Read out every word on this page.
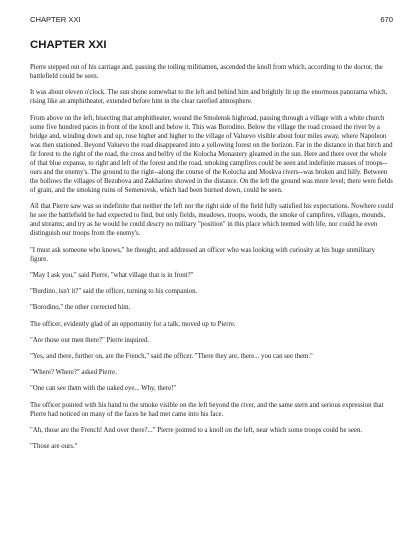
CHAPTER XXI	670
CHAPTER XXI

Pierre stepped out of his carriage and, passing the toiling militiamen, ascended the knoll from which, according to the doctor, the battlefield could be seen.

It was about eleven o'clock. The sun shone somewhat to the left and behind him and brightly lit up the enormous panorama which, rising like an amphitheater, extended before him in the clear rarefied atmosphere.

From above on the left, bisecting that amphitheater, wound the Smolensk highroad, passing through a village with a white church some five hundred paces in front of the knoll and below it. This was Borodino. Below the village the road crossed the river by a bridge and, winding down and up, rose higher and higher to the village of Valuevo visible about four miles away, where Napoleon was then stationed. Beyond Valuevo the road disappeared into a yellowing forest on the horizon. Far in the distance in that birch and fir forest to the right of the road, the cross and belfry of the Kolocha Monastery gleamed in the sun. Here and there over the whole of that blue expanse, to right and left of the forest and the road, smoking campfires could be seen and indefinite masses of troops--ours and the enemy's. The ground to the right--along the course of the Kolocha and Moskva rivers--was broken and hilly. Between the hollows the villages of Bezubova and Zakharino showed in the distance. On the left the ground was more level; there were fields of grain, and the smoking ruins of Semenovsk, which had been burned down, could be seen.

All that Pierre saw was so indefinite that neither the left nor the right side of the field fully satisfied his expectations. Nowhere could he see the battlefield he had expected to find, but only fields, meadows, troops, woods, the smoke of campfires, villages, mounds, and streams; and try as he would he could descry no military "position" in this place which teemed with life, nor could he even distinguish our troops from the enemy's.

"I must ask someone who knows," he thought, and addressed an officer who was looking with curiosity at his huge unmilitary figure.

"May I ask you," said Pierre, "what village that is in front?"

"Burdino, isn't it?" said the officer, turning to his companion.

"Borodino," the other corrected him.

The officer, evidently glad of an opportunity for a talk, moved up to Pierre.

"Are those our men there?" Pierre inquired.

"Yes, and there, further on, are the French," said the officer. "There they are, there... you can see them."

"Where? Where?" asked Pierre.

"One can see them with the naked eye... Why, there!"

The officer pointed with his hand to the smoke visible on the left beyond the river, and the same stern and serious expression that Pierre had noticed on many of the faces he had met came into his face.

"Ah, those are the French! And over there?..." Pierre pointed to a knoll on the left, near which some troops could be seen.

"Those are ours."
